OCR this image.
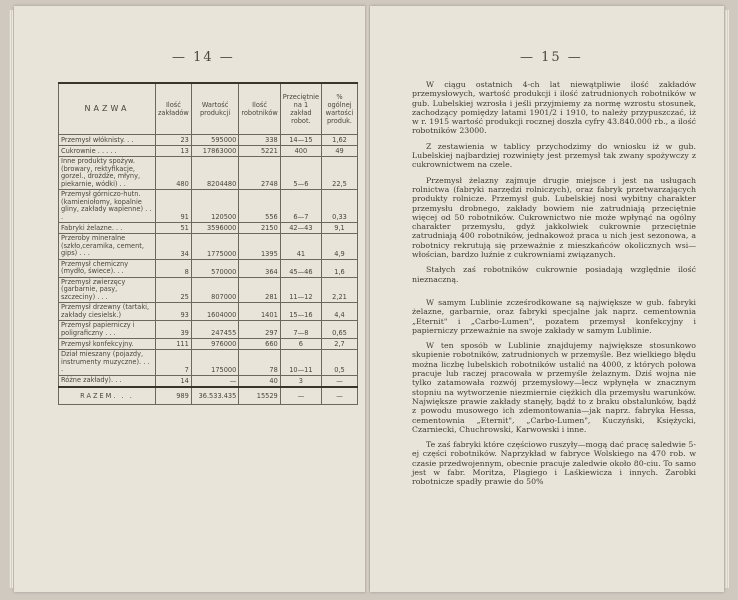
— 14 —
NAZWA	Ilość zakładów	Wartość produkcji	Ilość robotników	Przeciętnie na 1 zakład robot.	% ogólnej wartości produk.
Przemysł włóknisty. . .	23	595000	338	14—15	1,62
Cukrownie . . . . .	13	17863000	5221	400	49
Inne produkty spożyw. (browary, rektyfikacje, gorzel., drożdże, młyny, piekarnie, wódki) . .	480	8204480	2748	5—6	22,5
Przemysł górniczo-hutn. (kamieniołomy, kopalnie gliny, zakłady wapienne) . . .	91	120500	556	6—7	0,33
Fabryki żelazne. . .	51	3596000	2150	42—43	9,1
Przeroby mineralne (szkło,ceramika, cement, gips) . . .	34	1775000	1395	41	4,9
Przemysł chemiczny (mydło, świece). . .	8	570000	364	45—46	1,6
Przemysł zwierzęcy (garbarnie, pasy, szczeciny) . . .	25	807000	281	11—12	2,21
Przemysł drzewny (tartaki, zakłady ciesielsk.)	93	1604000	1401	15—16	4,4
Przemysł papierniczy i poligraficzny . . .	39	247455	297	7—8	0,65
Przemysł konfekcyjny.	111	976000	660	6	2,7
Dział mieszany (pojazdy, instrumenty muzyczne). . . .	7	175000	78	10—11	0,5
Różne zakłady). . .	14	—	40	3	—
RAZEM. . .	989	36.533.435	15529	—	—
— 15 —

W ciągu ostatnich 4-ch lat niewątpliwie ilość zakładów przemysłowych, wartość produkcji i ilość zatrudnionych robotników w gub. Lubelskiej wzrosła i jeśli przyjmiemy za normę wzrostu stosunek, zachodzący pomiędzy latami 1901/2 i 1910, to należy przypuszczać, iż w r. 1915 wartość produkcji rocznej doszła cyfry 43.840.000 rb., a ilość robotników 23000.

Z zestawienia w tablicy przychodzimy do wniosku iż w gub. Lubelskiej najbardziej rozwinięty jest przemysł tak zwany spożywczy z cukrownictwem na czele.

Przemysł żelazny zajmuje drugie miejsce i jest na usługach rolnictwa (fabryki narzędzi rolniczych), oraz fabryk przetwarzających produkty rolnicze. Przemysł gub. Lubelskiej nosi wybitny charakter przemysłu drobnego, zakłady bowiem nie zatrudniają przeciętnie więcej od 50 robotników. Cukrownictwo nie może wpłynąć na ogólny charakter przemysłu, gdyż jakkolwiek cukrownie przeciętnie zatrudniają 400 robotników, jednakowoż praca u nich jest sezonowa, a robotnicy rekrutują się przeważnie z mieszkańców okolicznych wsi—włościan, bardzo luźnie z cukrowniami związanych.

Stałych zaś robotników cukrownie posiadają względnie ilość nieznaczną.

W samym Lublinie zcześrodkowane są największe w gub. fabryki żelazne, garbarnie, oraz fabryki specjalne jak naprz. cementownia „Eternit" i „Carbo-Lumen", pozatem przemysł konfekcyjny i papierniczy przeważnie na swoje zakłady w samym Lublinie.

W ten sposób w Lublinie znajdujemy największe stosunkowo skupienie robotników, zatrudnionych w przemyśle. Bez wielkiego błędu można liczbę lubelskich robotników ustalić na 4000, z których połowa pracuje lub raczej pracowała w przemyśle żelaznym. Dziś wojna nie tylko zatamowała rozwój przemysłowy—lecz wpłynęła w znacznym stopniu na wytworzenie niezmiernie ciężkich dla przemysłu warunków. Największe prawie zakłady stanęły, bądź to z braku obstalunków, bądź z powodu musowego ich zdemontowania—jak naprz. fabryka Hessa, cementownia „Eternit", „Carbo-Lumen", Kuczyński, Księżycki, Czarniecki, Chuchrowski, Karwowski i inne.

Te zaś fabryki które częściowo ruszyły—mogą dać pracę saledwie 5-ej części robotników. Naprzykład w fabryce Wolskiego na 470 rob. w czasie przedwojennym, obecnie pracuje zaledwie około 80-ciu. To samo jest w fabr. Moritza, Plagiego i Laśkiewicza i innych. Zarobki robotnicze spadły prawie do 50%
